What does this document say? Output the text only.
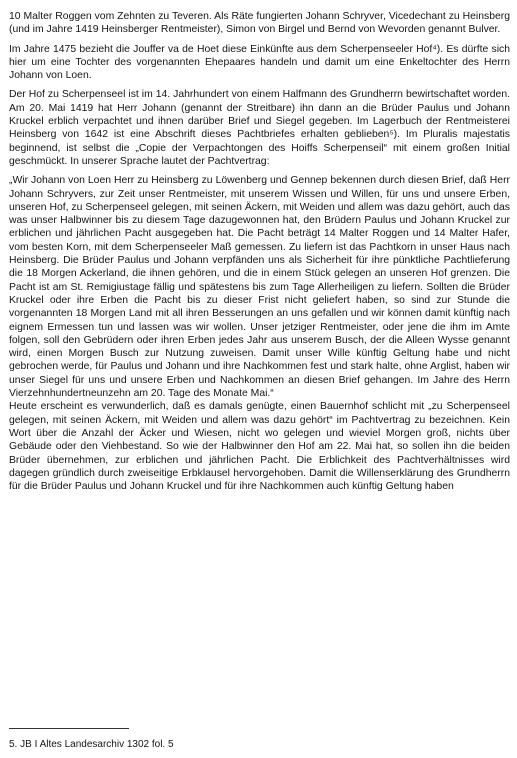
10 Malter Roggen vom Zehnten zu Teveren. Als Räte fungierten Johann Schryver, Vicedechant zu Heinsberg (und im Jahre 1419 Heinsberger Rentmeister), Simon von Birgel und Bernd von Wevorden genannt Bulver.

Im Jahre 1475 bezieht die Jouffer va de Hoet diese Einkünfte aus dem Scherpenseeler Hof⁴). Es dürfte sich hier um eine Tochter des vorgenannten Ehepaares handeln und damit um eine Enkeltochter des Herrn Johann von Loen.

Der Hof zu Scherpenseel ist im 14. Jahrhundert von einem Halfmann des Grundherrn bewirtschaftet worden. Am 20. Mai 1419 hat Herr Johann (genannt der Streitbare) ihn dann an die Brüder Paulus und Johann Kruckel erblich verpachtet und ihnen darüber Brief und Siegel gegeben. Im Lagerbuch der Rentmeisterei Heinsberg von 1642 ist eine Abschrift dieses Pachtbriefes erhalten geblieben⁵). Im Pluralis majestatis beginnend, ist selbst die „Copie der Verpachtongen des Hoiffs Scherpenseil“ mit einem großen Initial geschmückt. In unserer Sprache lautet der Pachtvertrag:

„Wir Johann von Loen Herr zu Heinsberg zu Löwenberg und Gennep bekennen durch diesen Brief, daß Herr Johann Schryvers, zur Zeit unser Rentmeister, mit unserem Wissen und Willen, für uns und unsere Erben, unseren Hof, zu Scherpenseel gelegen, mit seinen Äckern, mit Weiden und allem was dazu gehört, auch das was unser Halbwinner bis zu diesem Tage dazugewonnen hat, den Brüdern Paulus und Johann Kruckel zur erblichen und jährlichen Pacht ausgegeben hat. Die Pacht beträgt 14 Malter Roggen und 14 Malter Hafer, vom besten Korn, mit dem Scherpenseeler Maß gemessen. Zu liefern ist das Pachtkorn in unser Haus nach Heinsberg. Die Brüder Paulus und Johann verpfänden uns als Sicherheit für ihre pünktliche Pachtlieferung die 18 Morgen Ackerland, die ihnen gehören, und die in einem Stück gelegen an unseren Hof grenzen. Die Pacht ist am St. Remigiustage fällig und spätestens bis zum Tage Allerheiligen zu liefern. Sollten die Brüder Kruckel oder ihre Erben die Pacht bis zu dieser Frist nicht geliefert haben, so sind zur Stunde die vorgenannten 18 Morgen Land mit all ihren Besserungen an uns gefallen und wir können damit künftig nach eignem Ermessen tun und lassen was wir wollen. Unser jetziger Rentmeister, oder jene die ihm im Amte folgen, soll den Gebrüdern oder ihren Erben jedes Jahr aus unserem Busch, der die Alleen Wysse genannt wird, einen Morgen Busch zur Nutzung zuweisen. Damit unser Wille künftig Geltung habe und nicht gebrochen werde, für Paulus und Johann und ihre Nachkommen fest und stark halte, ohne Arglist, haben wir unser Siegel für uns und unsere Erben und Nachkommen an diesen Brief gehangen. Im Jahre des Herrn Vierzehnhundertneunzehn am 20. Tage des Monate Mai.“

Heute erscheint es verwunderlich, daß es damals genügte, einen Bauernhof schlicht mit „zu Scherpenseel gelegen, mit seinen Äckern, mit Weiden und allem was dazu gehört“ im Pachtvertrag zu bezeichnen. Kein Wort über die Anzahl der Äcker und Wiesen, nicht wo gelegen und wieviel Morgen groß, nichts über Gebäude oder den Viehbestand. So wie der Halbwinner den Hof am 22. Mai hat, so sollen ihn die beiden Brüder übernehmen, zur erblichen und jährlichen Pacht. Die Erblichkeit des Pachtverhältnisses wird dagegen gründlich durch zweiseitige Erbklausel hervorgehoben. Damit die Willenserklärung des Grundherrn für die Brüder Paulus und Johann Kruckel und für ihre Nachkommen auch künftig Geltung haben

5. JB I Altes Landesarchiv 1302 fol. 5
